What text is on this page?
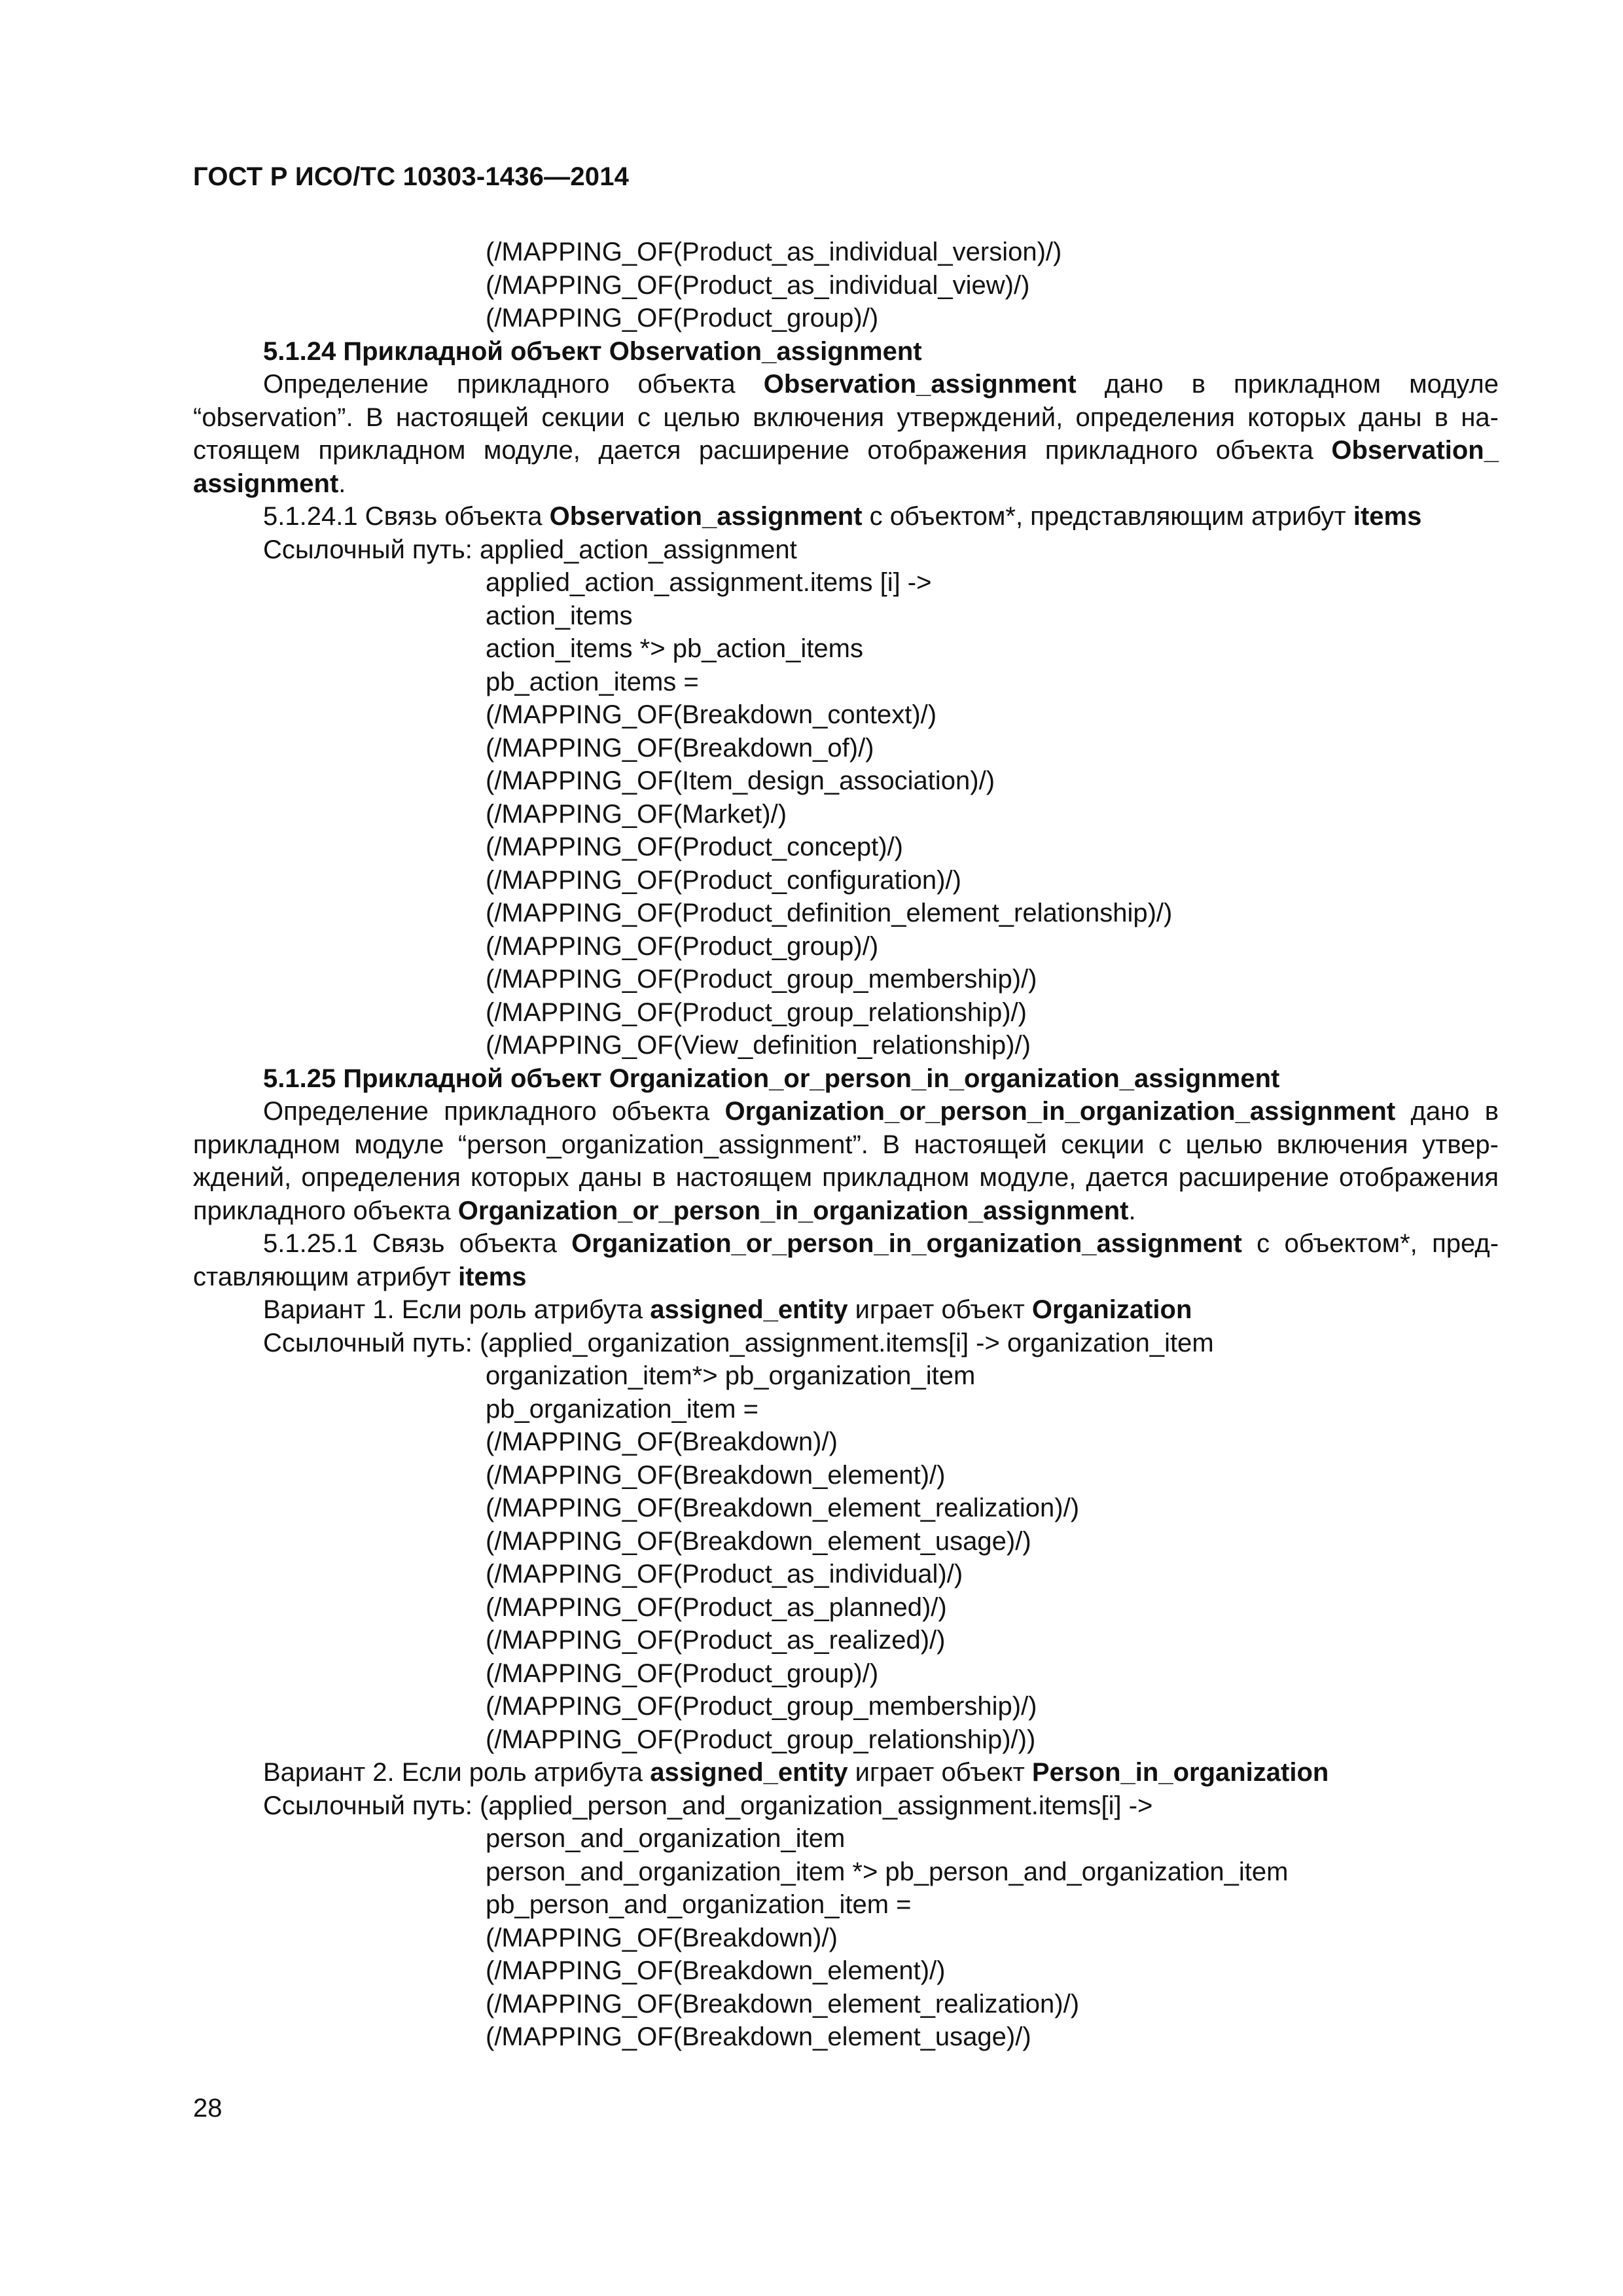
ГОСТ Р ИСО/ТС 10303-1436—2014
(/MAPPING_OF(Product_as_individual_version)/)
(/MAPPING_OF(Product_as_individual_view)/)
(/MAPPING_OF(Product_group)/)
5.1.24 Прикладной объект Observation_assignment
Определение прикладного объекта Observation_assignment дано в прикладном модуле
“observation”. В настоящей секции с целью включения утверждений, определения которых даны в на-
стоящем прикладном модуле, дается расширение отображения прикладного объекта Observation_
assignment.
5.1.24.1 Связь объекта Observation_assignment с объектом*, представляющим атрибут items
Ссылочный путь: applied_action_assignment
applied_action_assignment.items [i] ->
action_items
action_items *> pb_action_items
pb_action_items =
(/MAPPING_OF(Breakdown_context)/)
(/MAPPING_OF(Breakdown_of)/)
(/MAPPING_OF(Item_design_association)/)
(/MAPPING_OF(Market)/)
(/MAPPING_OF(Product_concept)/)
(/MAPPING_OF(Product_configuration)/)
(/MAPPING_OF(Product_definition_element_relationship)/)
(/MAPPING_OF(Product_group)/)
(/MAPPING_OF(Product_group_membership)/)
(/MAPPING_OF(Product_group_relationship)/)
(/MAPPING_OF(View_definition_relationship)/)
5.1.25 Прикладной объект Organization_or_person_in_organization_assignment
Определение прикладного объекта Organization_or_person_in_organization_assignment дано в
прикладном модуле “person_organization_assignment”. В настоящей секции с целью включения утвер-
ждений, определения которых даны в настоящем прикладном модуле, дается расширение отображения
прикладного объекта Organization_or_person_in_organization_assignment.
5.1.25.1 Связь объекта Organization_or_person_in_organization_assignment с объектом*, пред-
ставляющим атрибут items
Вариант 1. Если роль атрибута assigned_entity играет объект Organization
Ссылочный путь: (applied_organization_assignment.items[i] -> organization_item
organization_item*> pb_organization_item
pb_organization_item =
(/MAPPING_OF(Breakdown)/)
(/MAPPING_OF(Breakdown_element)/)
(/MAPPING_OF(Breakdown_element_realization)/)
(/MAPPING_OF(Breakdown_element_usage)/)
(/MAPPING_OF(Product_as_individual)/)
(/MAPPING_OF(Product_as_planned)/)
(/MAPPING_OF(Product_as_realized)/)
(/MAPPING_OF(Product_group)/)
(/MAPPING_OF(Product_group_membership)/)
(/MAPPING_OF(Product_group_relationship)/))
Вариант 2. Если роль атрибута assigned_entity играет объект Person_in_organization
Ссылочный путь: (applied_person_and_organization_assignment.items[i] ->
person_and_organization_item
person_and_organization_item *> pb_person_and_organization_item
pb_person_and_organization_item =
(/MAPPING_OF(Breakdown)/)
(/MAPPING_OF(Breakdown_element)/)
(/MAPPING_OF(Breakdown_element_realization)/)
(/MAPPING_OF(Breakdown_element_usage)/)
28
